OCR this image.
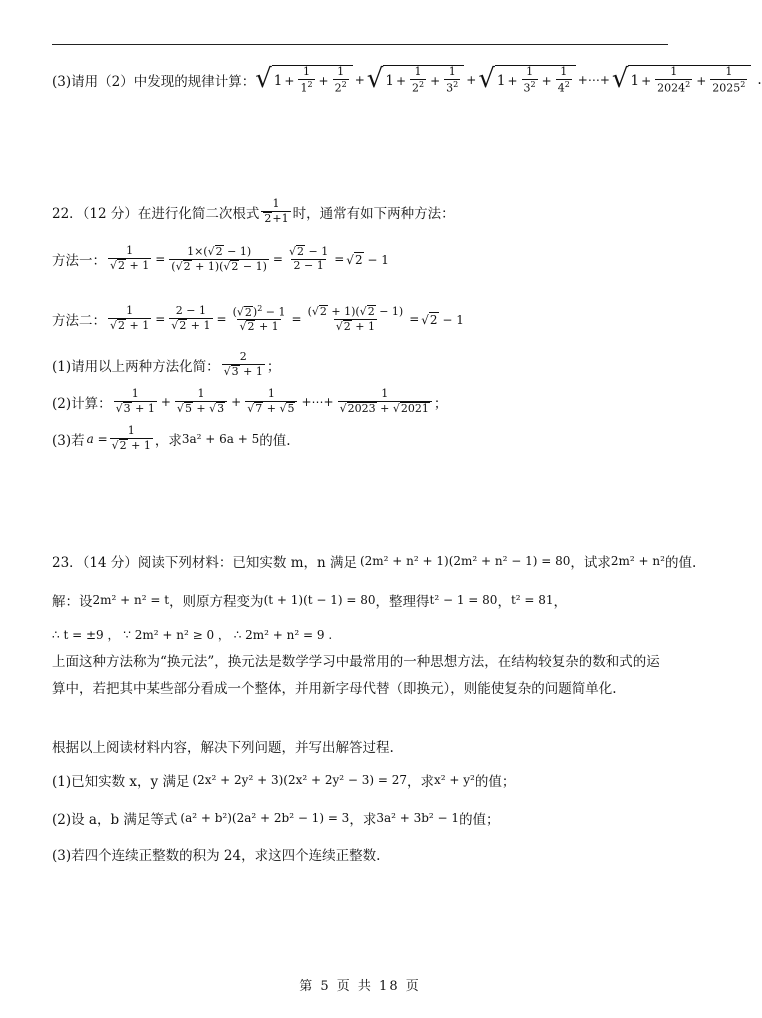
(3)请用（2）中发现的规律计算： √ $1 + \frac{1}{1^2} + \frac{1}{2^2}$ + √ $1 + \frac{1}{2^2} + \frac{1}{3^2}$ + √ $1 + \frac{1}{3^2} + \frac{1}{4^2}$ +⋯+ √ $1 + \frac{1}{2024^2} + \frac{1}{2025^2}$ .
22．（12 分）在进行化简二次根式 $\frac{1}{2+1}$ 时，通常有如下两种方法：
方法一： $\frac{1}{√2 + 1} = \frac{1\times(√2 - 1)}{(√2 + 1)(√2 - 1)} = \frac{√2 - 1}{2 - 1} = √2 - 1$
方法二： $\frac{1}{√2 + 1} = \frac{2 - 1}{√2 + 1} = \frac{(√2)^2 - 1}{√2 + 1} = \frac{(√2 + 1)(√2 - 1)}{√2 + 1} = √2 - 1$
(1)请用以上两种方法化简： $\frac{2}{√3 + 1}$ ；
(2)计算： $\frac{1}{√3 + 1} + \frac{1}{√5 + √3} + \frac{1}{√7 + √5}$ +⋯+ $\frac{1}{√2023 + √2021}$ ；
(3)若 $a = \frac{1}{√2 + 1}$ ，求 3a² + 6a + 5 的值.
23．（14 分）阅读下列材料：已知实数 m，n 满足 (2m² + n² + 1)(2m² + n² − 1) = 80 ，试求 2m² + n² 的值.
解：设 2m² + n² = t ，则原方程变为 (t + 1)(t − 1) = 80 ，整理得 t² − 1 = 80 ， t² = 81 ，
∴ t = ±9 ， ∵ 2m² + n² ≥ 0 ， ∴ 2m² + n² = 9 .
上面这种方法称为“换元法”，换元法是数学学习中最常用的一种思想方法，在结构较复杂的数和式的运算中，若把其中某些部分看成一个整体，并用新字母代替（即换元），则能使复杂的问题简单化.
根据以上阅读材料内容，解决下列问题，并写出解答过程.
(1)已知实数 x，y 满足 (2x² + 2y² + 3)(2x² + 2y² − 3) = 27 ，求 x² + y² 的值；
(2)设 a，b 满足等式 (a² + b²)(2a² + 2b² − 1) = 3 ，求 3a² + 3b² − 1 的值；
(3)若四个连续正整数的积为 24，求这四个连续正整数.
第 5 页 共 18 页
